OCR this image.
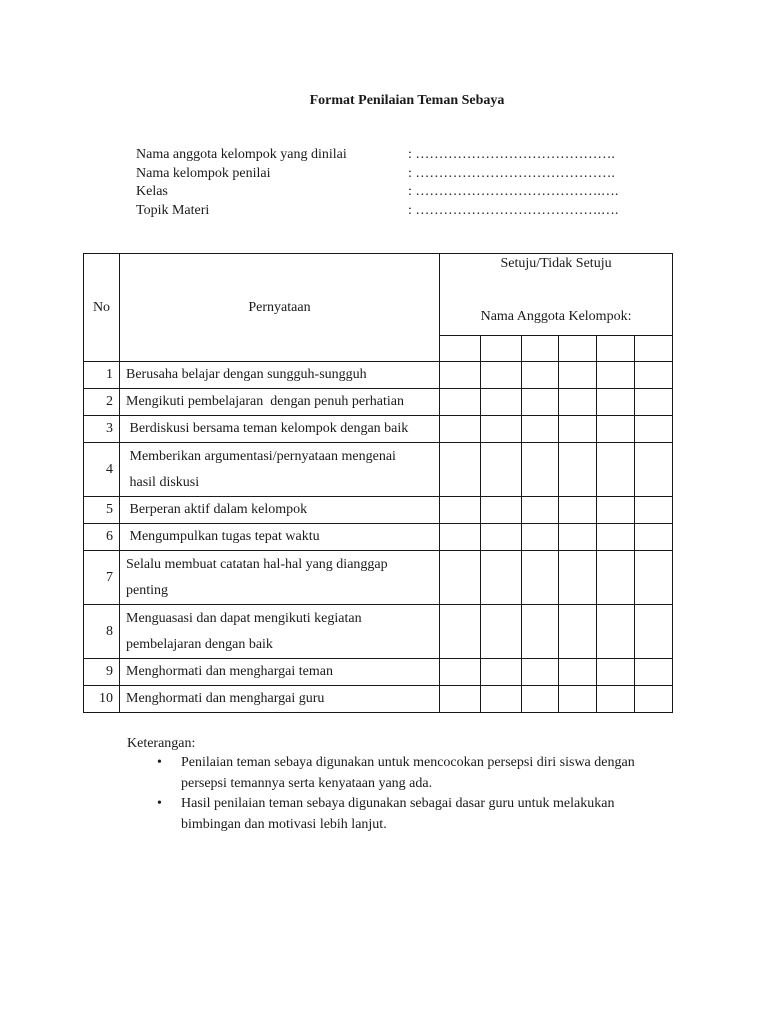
Format Penilaian Teman Sebaya
Nama anggota kelompok yang dinilai	: …………………………………….
Nama kelompok penilai	: …………………………………….
Kelas	: ………………………………….….
Topik Materi	: ………………………………….….
No	Pernyataan	Setuju/Tidak Setuju
Nama Anggota Kelompok:					

1	Berusaha belajar dengan sungguh-sungguh						

2	Mengikuti pembelajaran  dengan penuh perhatian						

3	Berdiskusi bersama teman kelompok dengan baik						

4	Memberikan argumentasi/pernyataan mengenai
hasil diskusi						

5	Berperan aktif dalam kelompok						

6	Mengumpulkan tugas tepat waktu						

7	Selalu membuat catatan hal-hal yang dianggap
penting						

8	Menguasasi dan dapat mengikuti kegiatan
pembelajaran dengan baik						

9	Menghormati dan menghargai teman						

10	Menghormati dan menghargai guru						

Keterangan:
• Penilaian teman sebaya digunakan untuk mencocokan persepsi diri siswa dengan
persepsi temannya serta kenyataan yang ada.
• Hasil penilaian teman sebaya digunakan sebagai dasar guru untuk melakukan
bimbingan dan motivasi lebih lanjut.
